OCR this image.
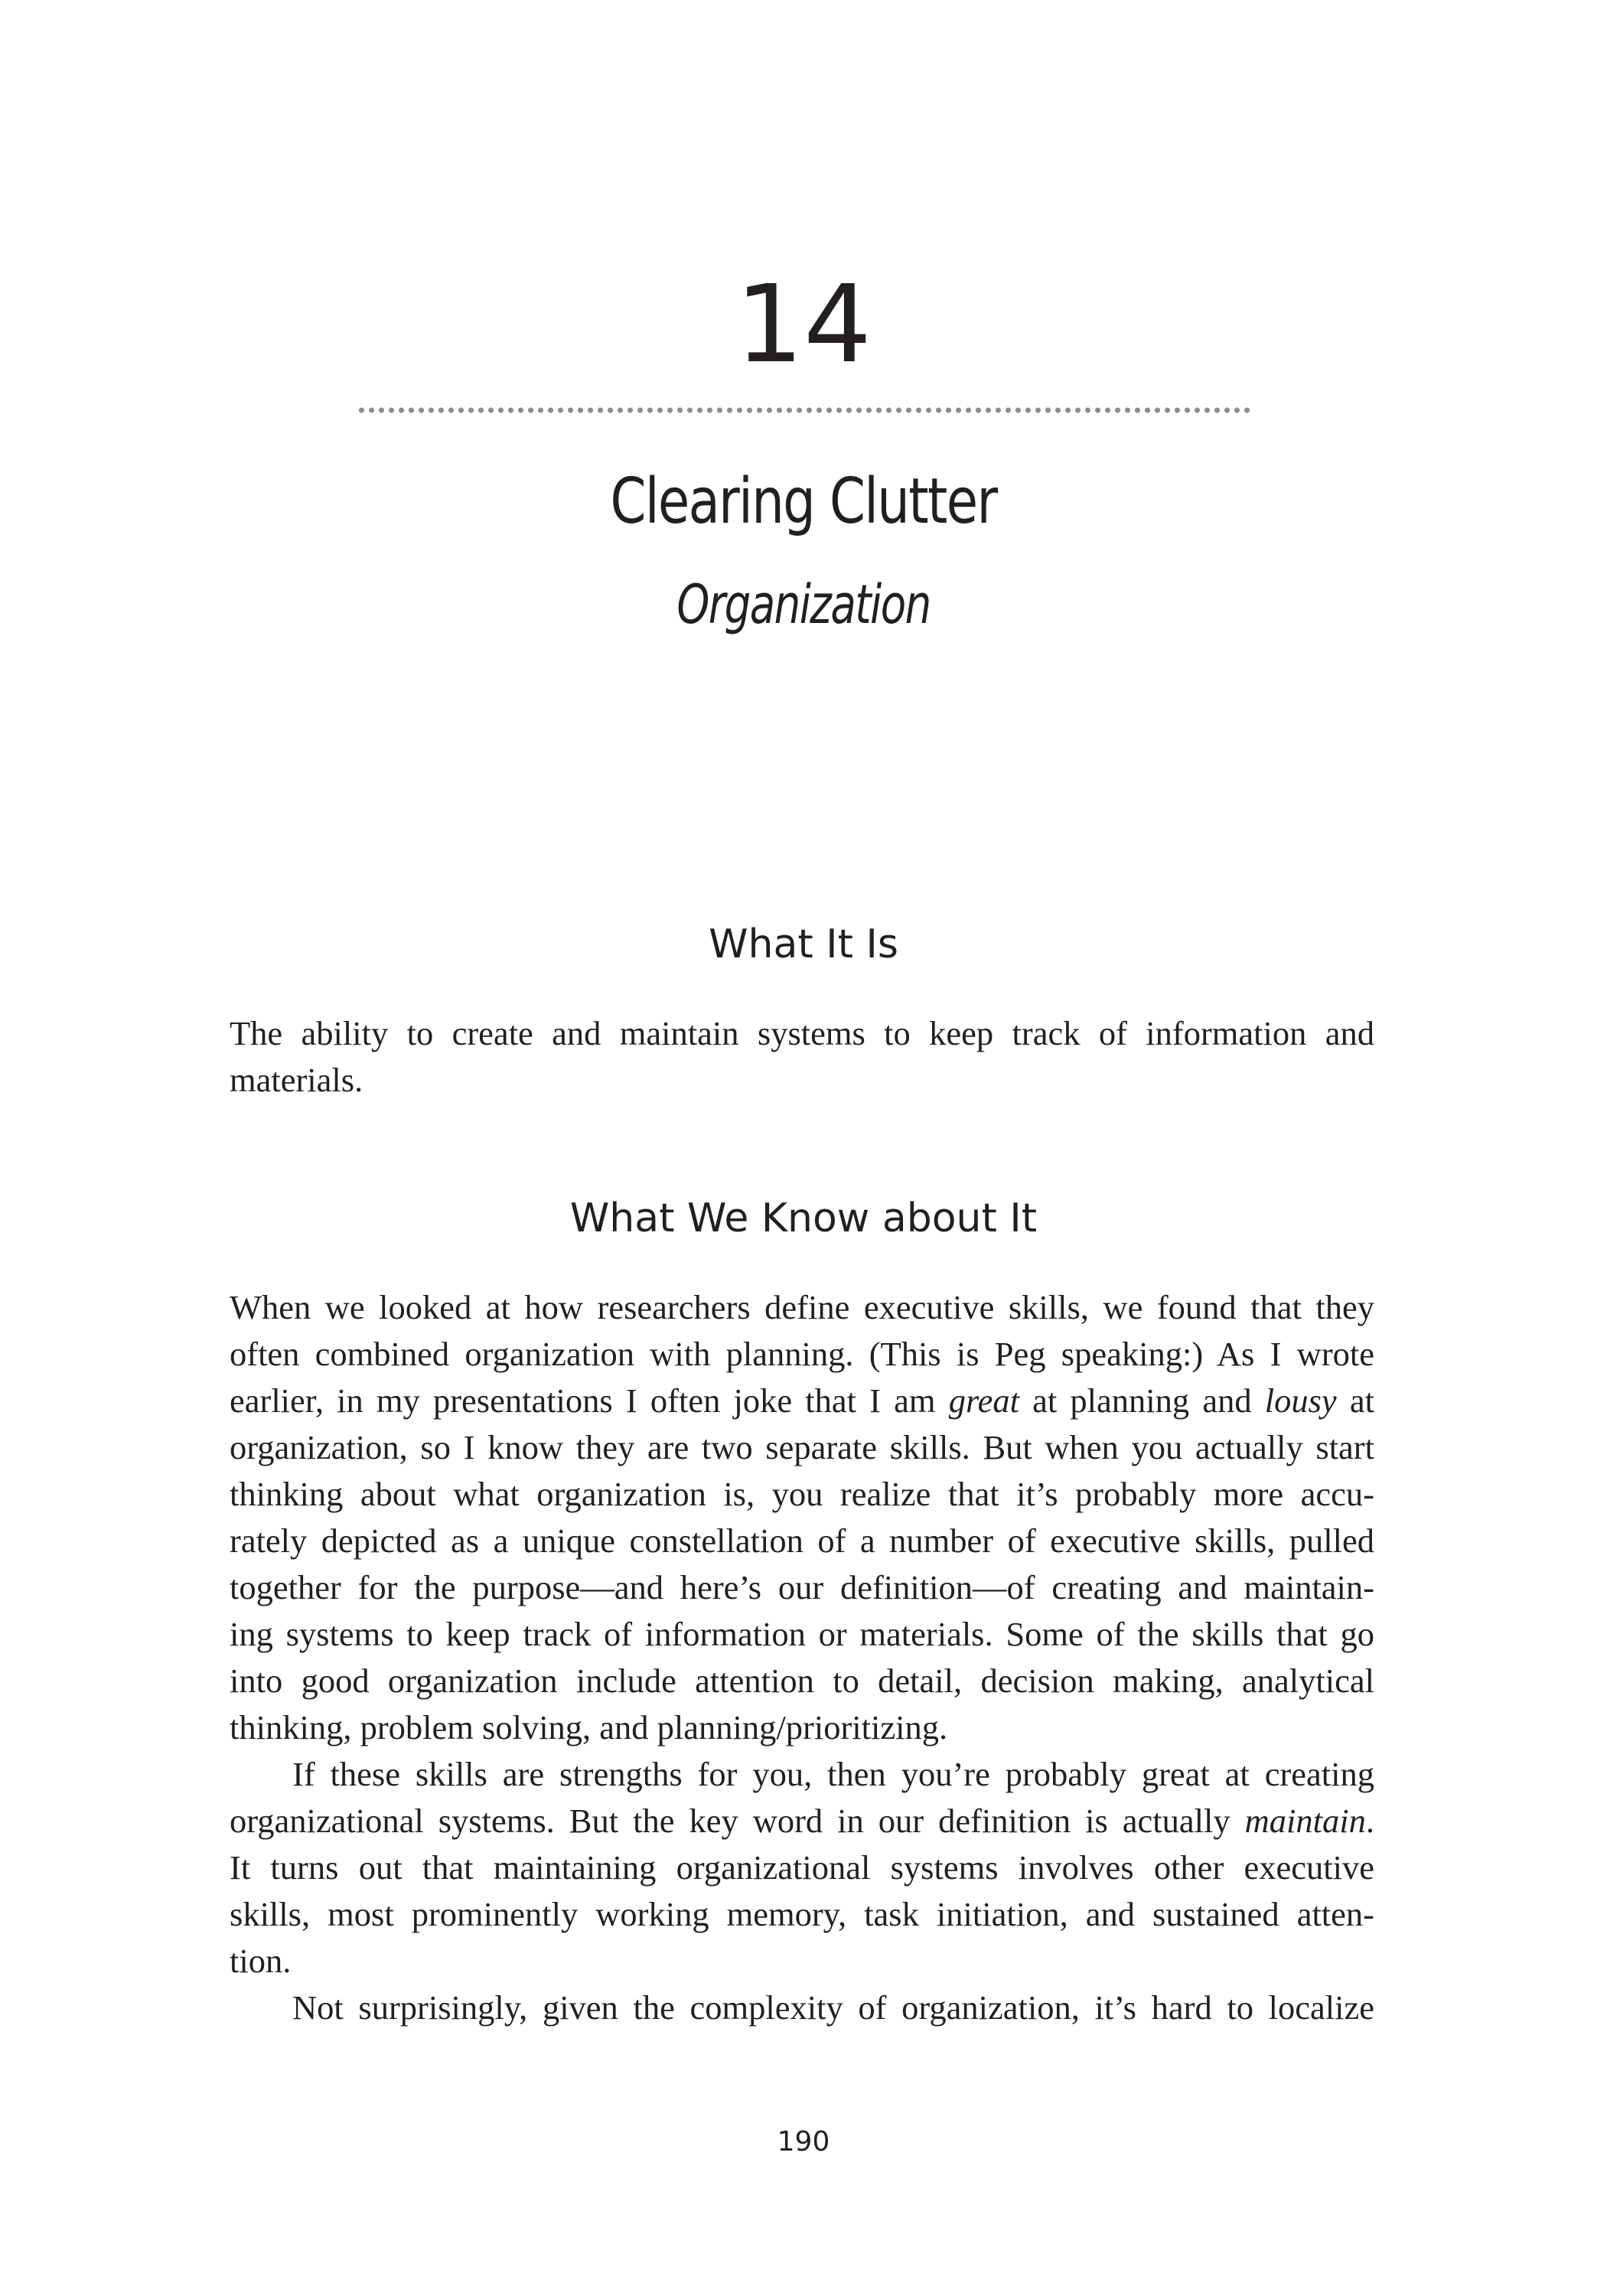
14
Clearing Clutter
Organization
What It Is
The ability to create and maintain systems to keep track of information and
materials.
What We Know about It
When we looked at how researchers define executive skills, we found that they
often combined organization with planning. (This is Peg speaking:) As I wrote
earlier, in my presentations I often joke that I am great at planning and lousy at
organization, so I know they are two separate skills. But when you actually start
thinking about what organization is, you realize that it’s probably more accu-
rately depicted as a unique constellation of a number of executive skills, pulled
together for the purpose—and here’s our definition—of creating and maintain-
ing systems to keep track of information or materials. Some of the skills that go
into good organization include attention to detail, decision making, analytical
thinking, problem solving, and planning/prioritizing.
If these skills are strengths for you, then you’re probably great at creating
organizational systems. But the key word in our definition is actually maintain.
It turns out that maintaining organizational systems involves other executive
skills, most prominently working memory, task initiation, and sustained atten-
tion.
Not surprisingly, given the complexity of organization, it’s hard to localize
190
